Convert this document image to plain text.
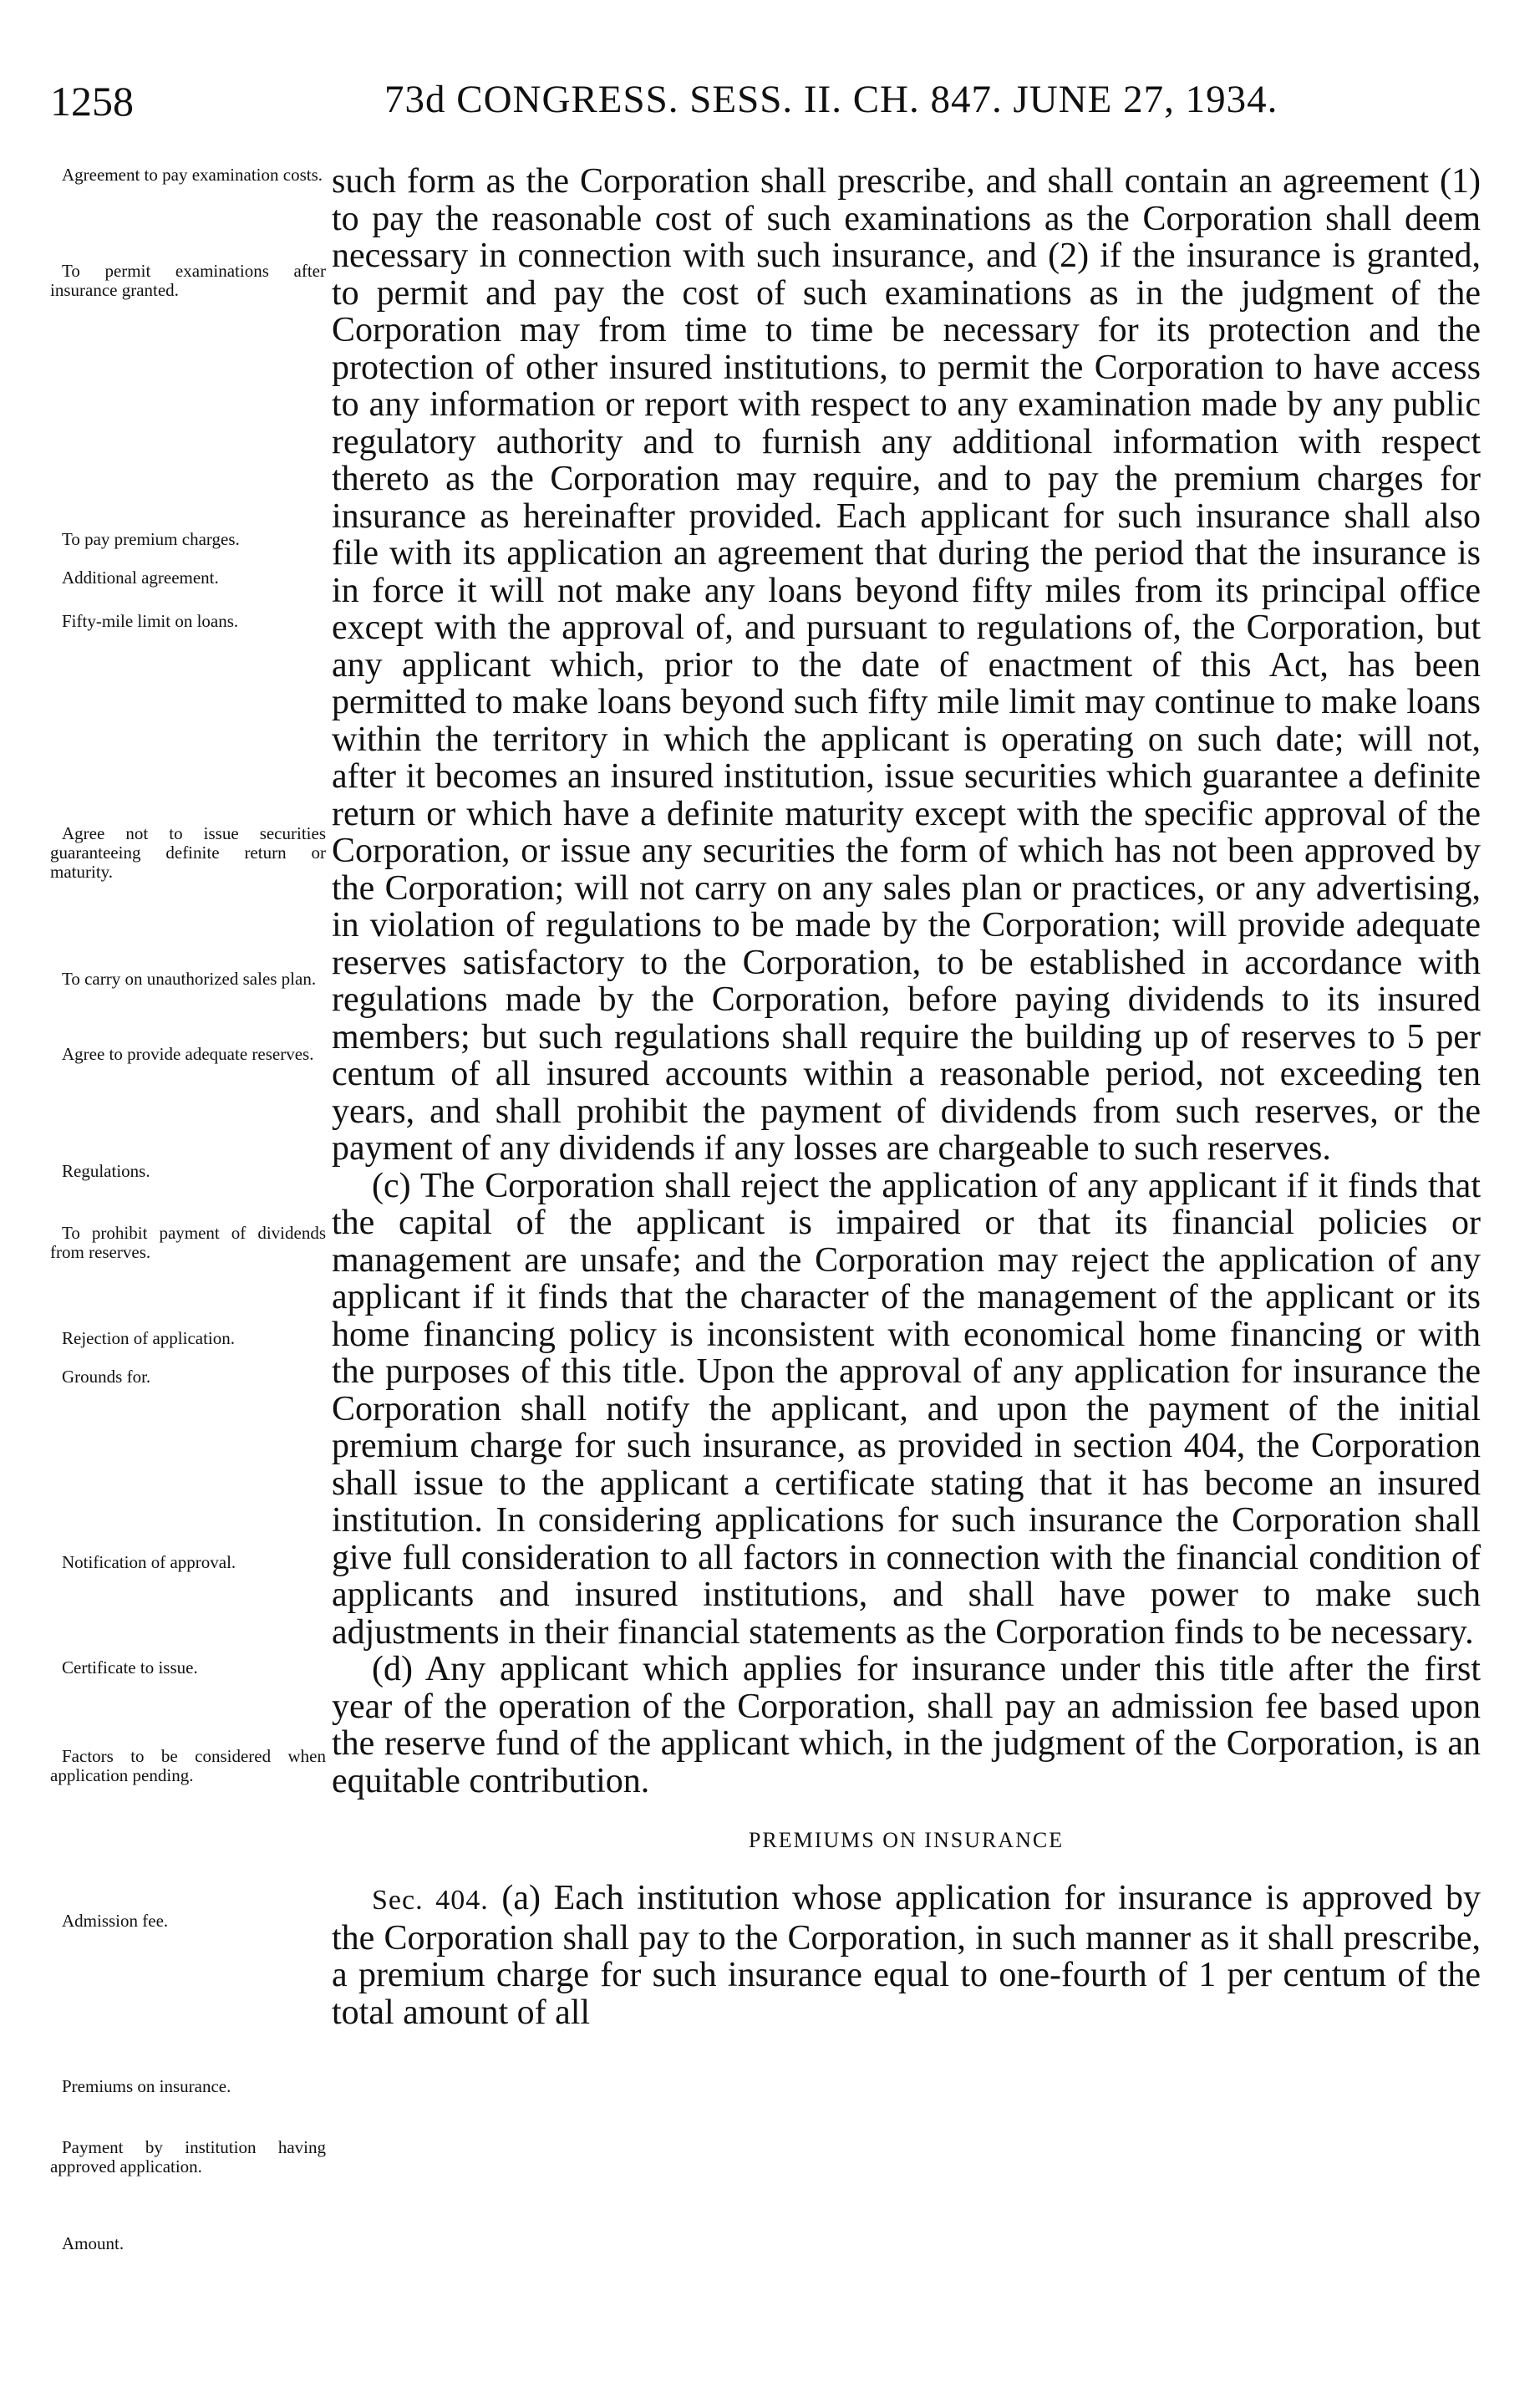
1258	73d CONGRESS. SESS. II. CH. 847. JUNE 27, 1934.
Agreement to pay examination costs.
To permit examinations after insurance granted.
To pay premium charges.
Additional agreement.
Fifty-mile limit on loans.
Agree not to issue securities guaranteeing definite return or maturity.
To carry on unauthorized sales plan.
Agree to provide adequate reserves.
Regulations.
To prohibit payment of dividends from reserves.
Rejection of application.
Grounds for.
Notification of approval.
Certificate to issue.
Factors to be considered when application pending.
Admission fee.
Premiums on insurance.
Payment by institution having approved application.
Amount.

such form as the Corporation shall prescribe, and shall contain an agreement (1) to pay the reasonable cost of such examinations as the Corporation shall deem necessary in connection with such insurance, and (2) if the insurance is granted, to permit and pay the cost of such examinations as in the judgment of the Corporation may from time to time be necessary for its protection and the protection of other insured institutions, to permit the Corporation to have access to any information or report with respect to any examination made by any public regulatory authority and to furnish any additional information with respect thereto as the Corporation may require, and to pay the premium charges for insurance as hereinafter provided. Each applicant for such insurance shall also file with its application an agreement that during the period that the insurance is in force it will not make any loans beyond fifty miles from its principal office except with the approval of, and pursuant to regulations of, the Corporation, but any applicant which, prior to the date of enactment of this Act, has been permitted to make loans beyond such fifty mile limit may continue to make loans within the territory in which the applicant is operating on such date; will not, after it becomes an insured institution, issue securities which guarantee a definite return or which have a definite maturity except with the specific approval of the Corporation, or issue any securities the form of which has not been approved by the Corporation; will not carry on any sales plan or practices, or any advertising, in violation of regulations to be made by the Corporation; will provide adequate reserves satisfactory to the Corporation, to be established in accordance with regulations made by the Corporation, before paying dividends to its insured members; but such regulations shall require the building up of reserves to 5 per centum of all insured accounts within a reasonable period, not exceeding ten years, and shall prohibit the payment of dividends from such reserves, or the payment of any dividends if any losses are chargeable to such reserves.

(c) The Corporation shall reject the application of any applicant if it finds that the capital of the applicant is impaired or that its financial policies or management are unsafe; and the Corporation may reject the application of any applicant if it finds that the character of the management of the applicant or its home financing policy is inconsistent with economical home financing or with the purposes of this title. Upon the approval of any application for insurance the Corporation shall notify the applicant, and upon the payment of the initial premium charge for such insurance, as provided in section 404, the Corporation shall issue to the applicant a certificate stating that it has become an insured institution. In considering applications for such insurance the Corporation shall give full consideration to all factors in connection with the financial condition of applicants and insured institutions, and shall have power to make such adjustments in their financial statements as the Corporation finds to be necessary.

(d) Any applicant which applies for insurance under this title after the first year of the operation of the Corporation, shall pay an admission fee based upon the reserve fund of the applicant which, in the judgment of the Corporation, is an equitable contribution.

PREMIUMS ON INSURANCE

Sec. 404. (a) Each institution whose application for insurance is approved by the Corporation shall pay to the Corporation, in such manner as it shall prescribe, a premium charge for such insurance equal to one-fourth of 1 per centum of the total amount of all
